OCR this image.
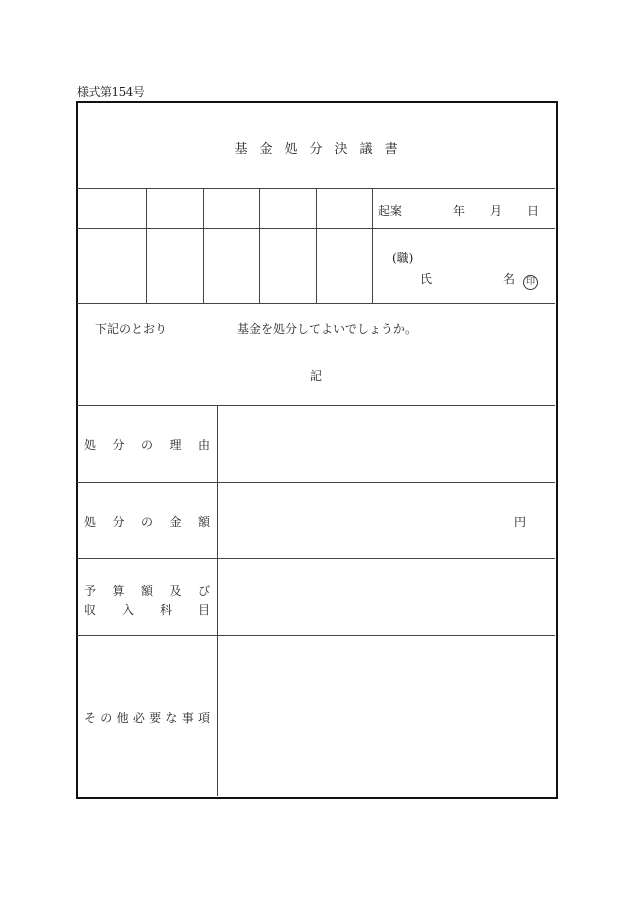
様式第154号
基金処分決議書
起案	年 月 日
(職)
氏	名	印
下記のとおり	基金を処分してよいでしょうか。
記
処 分 の 理 由
処 分 の 金 額	円
予 算 額 及 び
収 入 科 目
そ の 他 必 要 な 事 項
